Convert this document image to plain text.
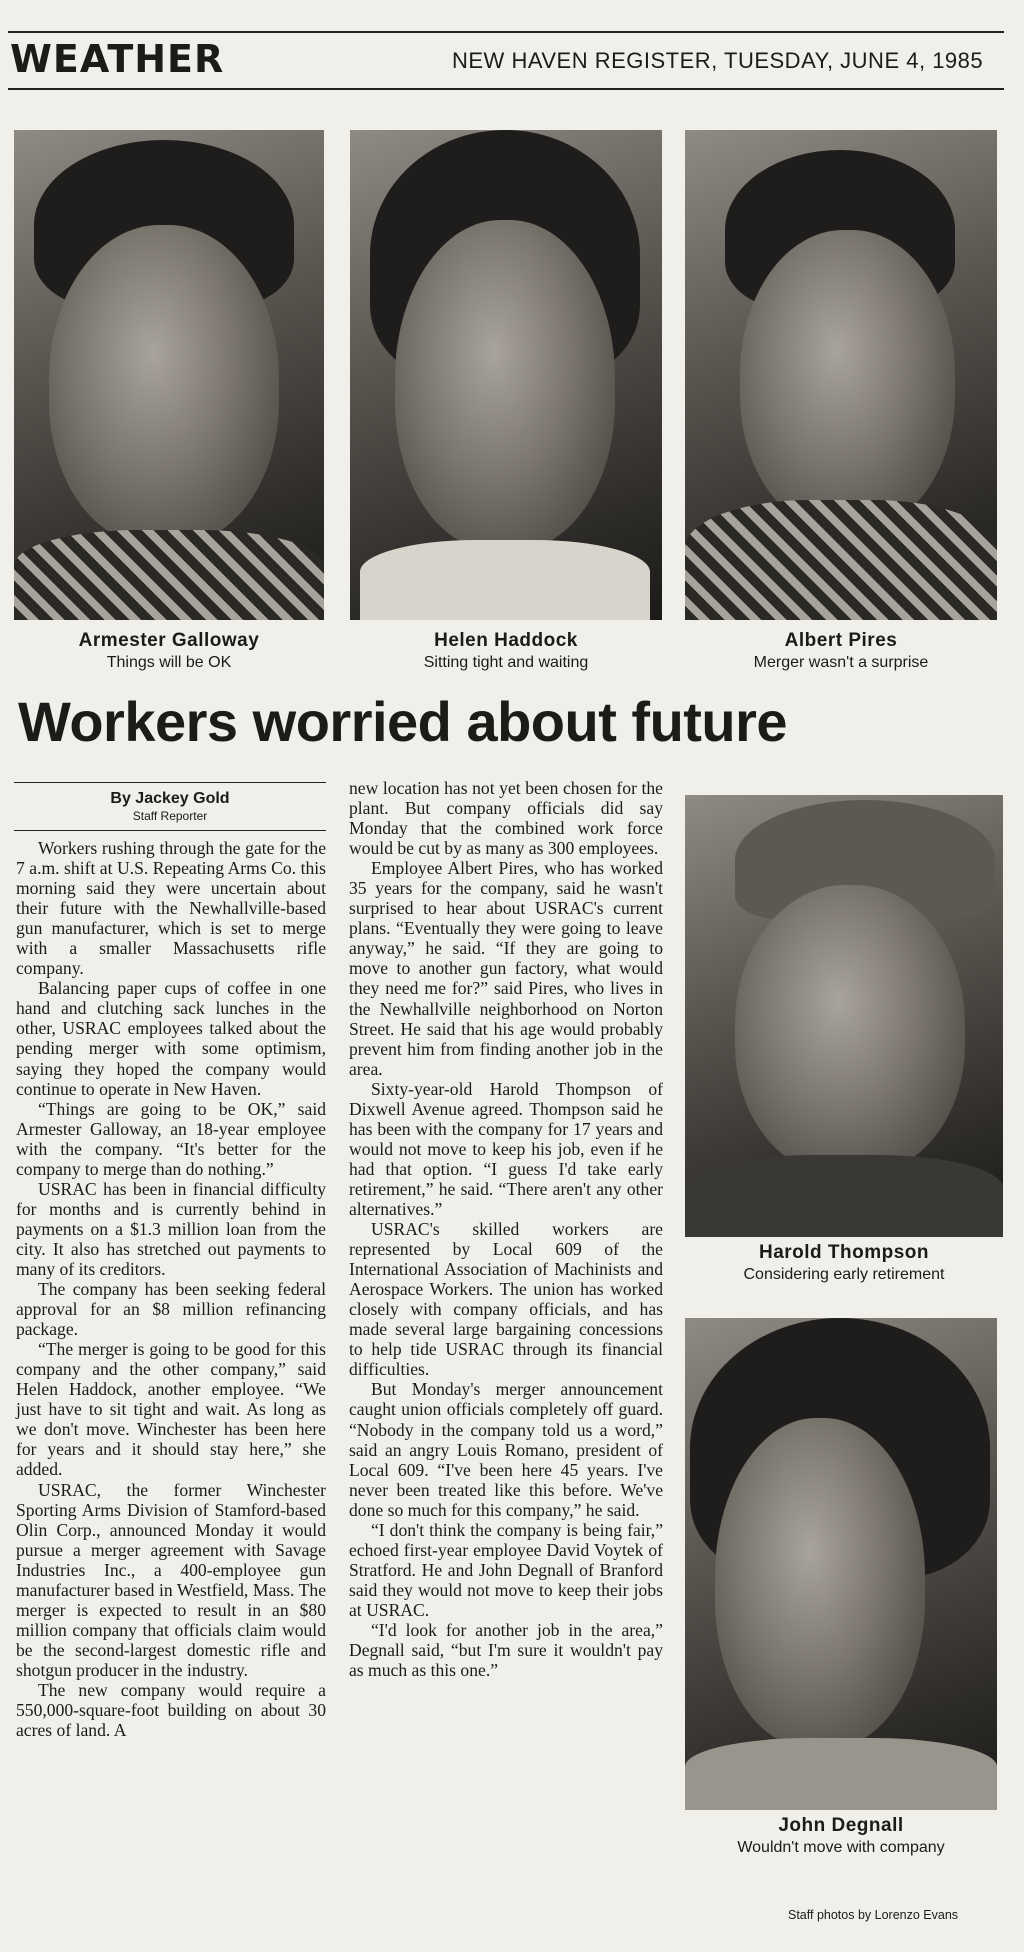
WEATHER	NEW HAVEN REGISTER, TUESDAY, JUNE 4, 1985
Armester Galloway
Things will be OK
Helen Haddock
Sitting tight and waiting
Albert Pires
Merger wasn't a surprise
Workers worried about future
By Jackey Gold
Staff Reporter

Workers rushing through the gate for the 7 a.m. shift at U.S. Repeating Arms Co. this morning said they were uncertain about their future with the Newhallville-based gun manufacturer, which is set to merge with a smaller Massachusetts rifle company.

Balancing paper cups of coffee in one hand and clutching sack lunches in the other, USRAC employees talked about the pending merger with some optimism, saying they hoped the company would continue to operate in New Haven.

“Things are going to be OK,” said Armester Galloway, an 18-year employee with the company. “It's better for the company to merge than do nothing.”

USRAC has been in financial difficulty for months and is currently behind in payments on a $1.3 million loan from the city. It also has stretched out payments to many of its creditors.

The company has been seeking federal approval for an $8 million refinancing package.

“The merger is going to be good for this company and the other company,” said Helen Haddock, another employee. “We just have to sit tight and wait. As long as we don't move. Winchester has been here for years and it should stay here,” she added.

USRAC, the former Winchester Sporting Arms Division of Stamford-based Olin Corp., announced Monday it would pursue a merger agreement with Savage Industries Inc., a 400-employee gun manufacturer based in Westfield, Mass. The merger is expected to result in an $80 million company that officials claim would be the second-largest domestic rifle and shotgun producer in the industry.

The new company would require a 550,000-square-foot building on about 30 acres of land. A

new location has not yet been chosen for the plant. But company officials did say Monday that the combined work force would be cut by as many as 300 employees.

Employee Albert Pires, who has worked 35 years for the company, said he wasn't surprised to hear about USRAC's current plans. “Eventually they were going to leave anyway,” he said. “If they are going to move to another gun factory, what would they need me for?” said Pires, who lives in the Newhallville neighborhood on Norton Street. He said that his age would probably prevent him from finding another job in the area.

Sixty-year-old Harold Thompson of Dixwell Avenue agreed. Thompson said he has been with the company for 17 years and would not move to keep his job, even if he had that option. “I guess I'd take early retirement,” he said. “There aren't any other alternatives.”

USRAC's skilled workers are represented by Local 609 of the International Association of Machinists and Aerospace Workers. The union has worked closely with company officials, and has made several large bargaining concessions to help tide USRAC through its financial difficulties.

But Monday's merger announcement caught union officials completely off guard. “Nobody in the company told us a word,” said an angry Louis Romano, president of Local 609. “I've been here 45 years. I've never been treated like this before. We've done so much for this company,” he said.

“I don't think the company is being fair,” echoed first-year employee David Voytek of Stratford. He and John Degnall of Branford said they would not move to keep their jobs at USRAC.

“I'd look for another job in the area,” Degnall said, “but I'm sure it wouldn't pay as much as this one.”

Harold Thompson
Considering early retirement
John Degnall
Wouldn't move with company
Staff photos by Lorenzo Evans
